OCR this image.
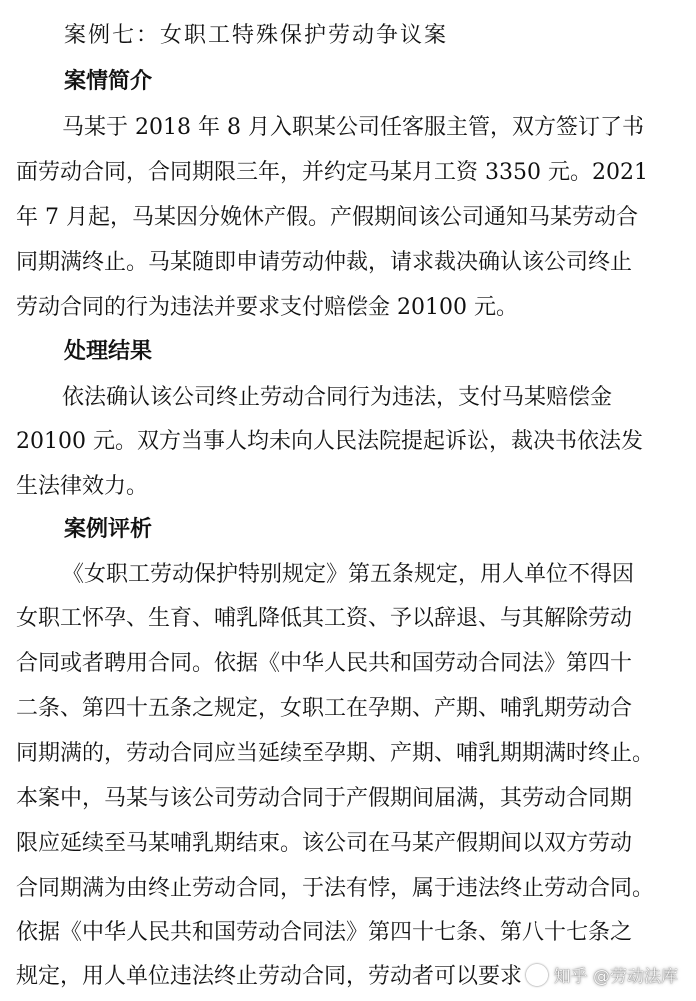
案例七：女职工特殊保护劳动争议案
案情简介
马某于 2018 年 8 月入职某公司任客服主管，双方签订了书
面劳动合同，合同期限三年，并约定马某月工资 3350 元。2021
年 7 月起，马某因分娩休产假。产假期间该公司通知马某劳动合
同期满终止。马某随即申请劳动仲裁，请求裁决确认该公司终止
劳动合同的行为违法并要求支付赔偿金 20100 元。
处理结果
依法确认该公司终止劳动合同行为违法，支付马某赔偿金
20100 元。双方当事人均未向人民法院提起诉讼，裁决书依法发
生法律效力。
案例评析
《女职工劳动保护特别规定》第五条规定，用人单位不得因
女职工怀孕、生育、哺乳降低其工资、予以辞退、与其解除劳动
合同或者聘用合同。依据《中华人民共和国劳动合同法》第四十
二条、第四十五条之规定，女职工在孕期、产期、哺乳期劳动合
同期满的，劳动合同应当延续至孕期、产期、哺乳期期满时终止。
本案中，马某与该公司劳动合同于产假期间届满，其劳动合同期
限应延续至马某哺乳期结束。该公司在马某产假期间以双方劳动
合同期满为由终止劳动合同，于法有悖，属于违法终止劳动合同。
依据《中华人民共和国劳动合同法》第四十七条、第八十七条之
规定，用人单位违法终止劳动合同，劳动者可以要求 知乎 @劳动法库
